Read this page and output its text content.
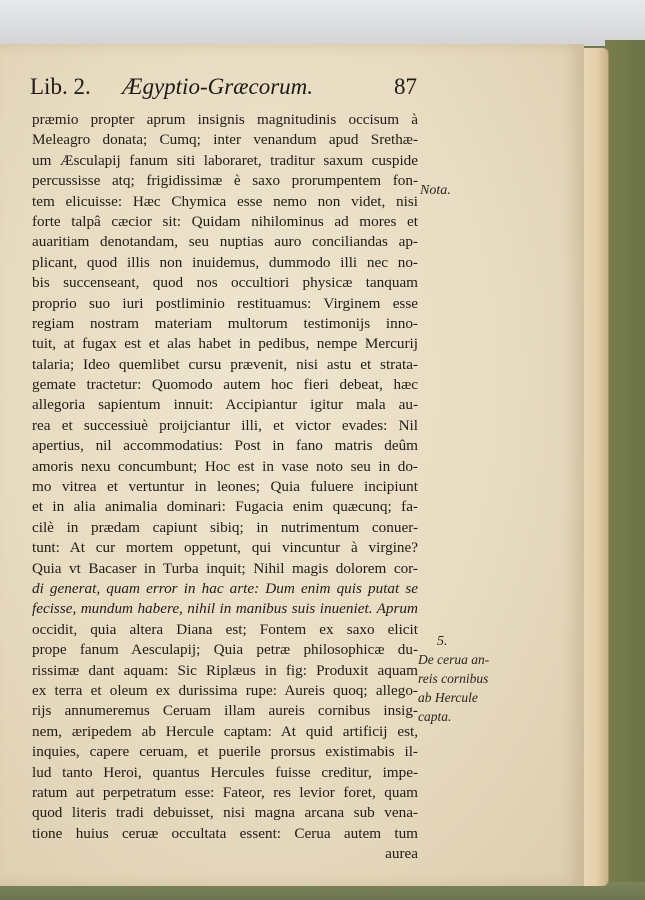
Lib. 2. Ægyptio-Græcorum.	87
præmio propter aprum insignis magnitudinis occisum à
Meleagro donata; Cumq; inter venandum apud Srethæ-
um Æsculapij fanum siti laboraret, traditur saxum cuspide
percussisse atq; frigidissimæ è saxo prorumpentem fon-
tem elicuisse: Hæc Chymica esse nemo non videt, nisi
forte talpâ cæcior sit: Quidam nihilominus ad mores et
auaritiam denotandam, seu nuptias auro conciliandas ap-
plicant, quod illis non inuidemus, dummodo illi nec no-
bis succenseant, quod nos occultiori physicæ tanquam
proprio suo iuri postliminio restituamus: Virginem esse
regiam nostram materiam multorum testimonijs inno-
tuit, at fugax est et alas habet in pedibus, nempe Mercurij
talaria; Ideo quemlibet cursu prævenit, nisi astu et strata-
gemate tractetur: Quomodo autem hoc fieri debeat, hæc
allegoria sapientum innuit: Accipiantur igitur mala au-
rea et successiuè proijciantur illi, et victor evades: Nil
apertius, nil accommodatius: Post in fano matris deûm
amoris nexu concumbunt; Hoc est in vase noto seu in do-
mo vitrea et vertuntur in leones; Quia fuluere incipiunt
et in alia animalia dominari: Fugacia enim quæcunq; fa-
cilè in prædam capiunt sibiq; in nutrimentum conuer-
tunt: At cur mortem oppetunt, qui vincuntur à virgine?
Quia vt Bacaser in Turba inquit; Nihil magis dolorem cor-
di generat, quam error in hac arte: Dum enim quis putat se
fecisse, mundum habere, nihil in manibus suis inueniet. Aprum
occidit, quia altera Diana est; Fontem ex saxo elicit
prope fanum Aesculapij; Quia petræ philosophicæ du-
rissimæ dant aquam: Sic Riplæus in fig: Produxit aquam
ex terra et oleum ex durissima rupe: Aureis quoq; allego-
rijs annumeremus Ceruam illam aureis cornibus insig-
nem, æripedem ab Hercule captam: At quid artificij est,
inquies, capere ceruam, et puerile prorsus existimabis il-
lud tanto Heroi, quantus Hercules fuisse creditur, impe-
ratum aut perpetratum esse: Fateor, res levior foret, quam
quod literis tradi debuisset, nisi magna arcana sub vena-
tione huius ceruæ occultata essent: Cerua autem tum
aurea
Nota.
5.
De cerua an-
reis cornibus
ab Hercule
capta.
